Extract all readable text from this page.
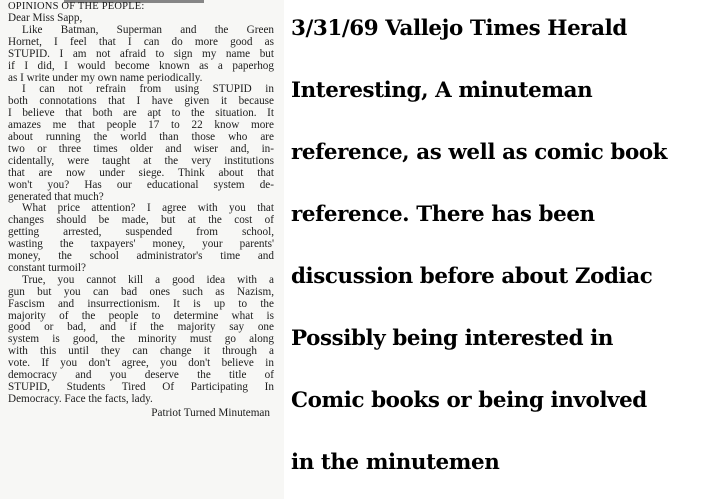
OPINIONS OF THE PEOPLE:
Dear Miss Sapp,
Like Batman, Superman and the Green
Hornet, I feel that I can do more good as
STUPID. I am not afraid to sign my name but
if I did, I would become known as a paperhog
as I write under my own name periodically.
I can not refrain from using STUPID in
both connotations that I have given it because
I believe that both are apt to the situation. It
amazes me that people 17 to 22 know more
about running the world than those who are
two or three times older and wiser and, in-
cidentally, were taught at the very institutions
that are now under siege. Think about that
won't you? Has our educational system de-
generated that much?
What price attention? I agree with you that
changes should be made, but at the cost of
getting arrested, suspended from school,
wasting the taxpayers' money, your parents'
money, the school administrator's time and
constant turmoil?
True, you cannot kill a good idea with a
gun but you can bad ones such as Nazism,
Fascism and insurrectionism. It is up to the
majority of the people to determine what is
good or bad, and if the majority say one
system is good, the minority must go along
with this until they can change it through a
vote. If you don't agree, you don't believe in
democracy and you deserve the title of
STUPID, Students Tired Of Participating In
Democracy. Face the facts, lady.
Patriot Turned Minuteman
3/31/69 Vallejo Times Herald
Interesting, A minuteman
reference, as well as comic book
reference. There has been
discussion before about Zodiac
Possibly being interested in
Comic books or being involved
in the minutemen
